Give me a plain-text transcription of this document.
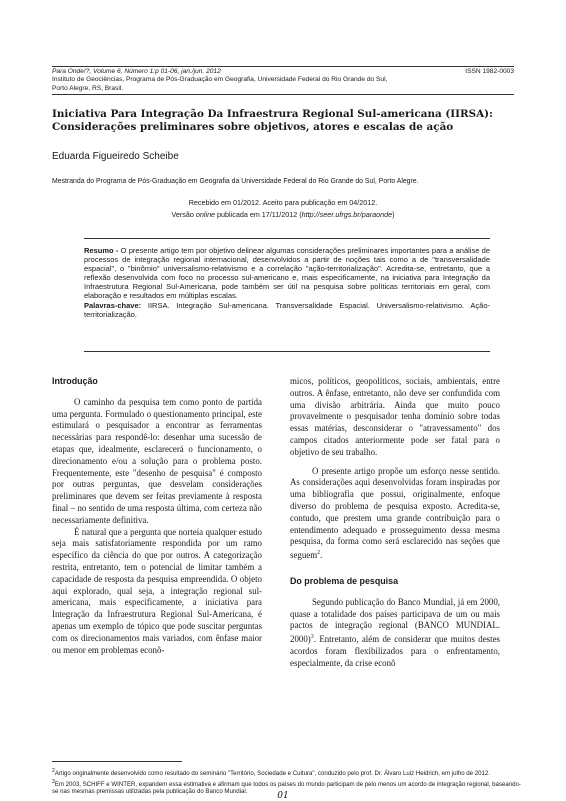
Para Onde!?, Volume 6, Número 1:p 01-06, jan./jun. 2012
Instituto de Geociências, Programa de Pós-Graduação em Geografia, Universidade Federal do Rio Grande do Sul,
Porto Alegre, RS, Brasil.
ISSN 1982-0003
Iniciativa Para Integração Da Infraestrura Regional Sul-americana (IIRSA): Considerações preliminares sobre objetivos, atores e escalas de ação
Eduarda Figueiredo Scheibe
Mestranda do Programa de Pós-Graduação em Geografia da Universidade Federal do Rio Grande do Sul, Porto Alegre.
Recebido em 01/2012. Aceito para publicação em 04/2012.
Versão online publicada em 17/11/2012 (http://seer.ufrgs.br/paraonde)
Resumo - O presente artigo tem por objetivo delinear algumas considerações preliminares importantes para a análise de processos de integração regional internacional, desenvolvidos a partir de noções tais como a de "transversalidade espacial", o "binômio" universalismo-relativismo e a correlação "ação-territorialização". Acredita-se, entretanto, que a reflexão desenvolvida com foco no processo sul-americano e, mais especificamente, na iniciativa para Integração da Infraestrutura Regional Sul-Americana, pode também ser útil na pesquisa sobre políticas territoriais em geral, com elaboração e resultados em múltiplas escalas.
Palavras-chave: IIRSA. Integração Sul-americana. Transversalidade Espacial. Universalismo-relativismo. Ação-territorialização.
Introdução

O caminho da pesquisa tem como ponto de partida uma pergunta. Formulado o questionamento principal, este estimulará o pesquisador a encontrar as ferramentas necessárias para respondê-lo: desenhar uma sucessão de etapas que, idealmente, esclarecerá o funcionamento, o direcionamento e/ou a solução para o problema posto. Frequentemente, este "desenho de pesquisa" é composto por outras perguntas, que desvelam considerações preliminares que devem ser feitas previamente à resposta final – no sentido de uma resposta última, com certeza não necessariamente definitiva.

É natural que a pergunta que norteia qualquer estudo seja mais satisfatoriamente respondida por um ramo específico da ciência do que por outros. A categorização restrita, entretanto, tem o potencial de limitar também a capacidade de resposta da pesquisa empreendida. O objeto aqui explorado, qual seja, a integração regional sul-americana, mais especificamente, a iniciativa para Integração da Infraestrutura Regional Sul-Americana, é apenas um exemplo de tópico que pode suscitar perguntas com os direcionamentos mais variados, com ênfase maior ou menor em problemas econô-

micos, políticos, geopolíticos, sociais, ambientais, entre outros. A ênfase, entretanto, não deve ser confundida com uma divisão arbitrária. Ainda que muito pouco provavelmente o pesquisador tenha domínio sobre todas essas matérias, desconsiderar o "atravessamento" dos campos citados anteriormente pode ser fatal para o objetivo de seu trabalho.

O presente artigo propõe um esforço nesse sentido. As considerações aqui desenvolvidas foram inspiradas por uma bibliografia que possui, originalmente, enfoque diverso do problema de pesquisa exposto. Acredita-se, contudo, que prestem uma grande contribuição para o entendimento adequado e prosseguimento dessa mesma pesquisa, da forma como será esclarecido nas seções que seguem$^2$.

Do problema de pesquisa

Segundo publicação do Banco Mundial, já em 2000, quase a totalidade dos países participava de um ou mais pactos de integração regional (BANCO MUNDIAL. 2000)$^3$. Entretanto, além de considerar que muitos destes acordos foram flexibilizados para o enfrentamento, especialmente, da crise econô

$^2$Artigo originalmente desenvolvido como resultado do seminário "Território, Sociedade e Cultura", conduzido pelo prof. Dr. Álvaro Luiz Heidrich, em julho de 2012.

$^3$Em 2003, SCHIFF e WINTER, expandem essa estimativa e afirmam que todos os países do mundo participam de pelo menos um acordo de integração regional, baseando-se nas mesmas premissas utilizadas pela publicação do Banco Mundial.	01
